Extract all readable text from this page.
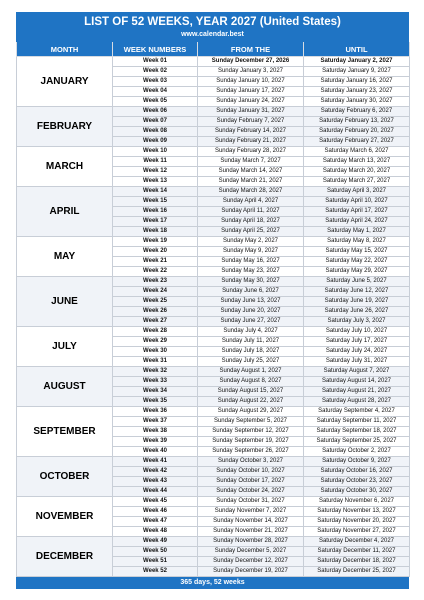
LIST OF 52 WEEKS, YEAR 2027 (United States)
www.calendar.best
MONTH	WEEK NUMBERS	FROM THE	UNTIL
JANUARY	Week 01	Sunday December 27, 2026	Saturday January 2, 2027
	Week 02	Sunday January 3, 2027	Saturday January 9, 2027
	Week 03	Sunday January 10, 2027	Saturday January 16, 2027
	Week 04	Sunday January 17, 2027	Saturday January 23, 2027
	Week 05	Sunday January 24, 2027	Saturday January 30, 2027
FEBRUARY	Week 06	Sunday January 31, 2027	Saturday February 6, 2027
	Week 07	Sunday February 7, 2027	Saturday February 13, 2027
	Week 08	Sunday February 14, 2027	Saturday February 20, 2027
	Week 09	Sunday February 21, 2027	Saturday February 27, 2027
MARCH	Week 10	Sunday February 28, 2027	Saturday March 6, 2027
	Week 11	Sunday March 7, 2027	Saturday March 13, 2027
	Week 12	Sunday March 14, 2027	Saturday March 20, 2027
	Week 13	Sunday March 21, 2027	Saturday March 27, 2027
APRIL	Week 14	Sunday March 28, 2027	Saturday April 3, 2027
	Week 15	Sunday April 4, 2027	Saturday April 10, 2027
	Week 16	Sunday April 11, 2027	Saturday April 17, 2027
	Week 17	Sunday April 18, 2027	Saturday April 24, 2027
	Week 18	Sunday April 25, 2027	Saturday May 1, 2027
MAY	Week 19	Sunday May 2, 2027	Saturday May 8, 2027
	Week 20	Sunday May 9, 2027	Saturday May 15, 2027
	Week 21	Sunday May 16, 2027	Saturday May 22, 2027
	Week 22	Sunday May 23, 2027	Saturday May 29, 2027
JUNE	Week 23	Sunday May 30, 2027	Saturday June 5, 2027
	Week 24	Sunday June 6, 2027	Saturday June 12, 2027
	Week 25	Sunday June 13, 2027	Saturday June 19, 2027
	Week 26	Sunday June 20, 2027	Saturday June 26, 2027
	Week 27	Sunday June 27, 2027	Saturday July 3, 2027
JULY	Week 28	Sunday July 4, 2027	Saturday July 10, 2027
	Week 29	Sunday July 11, 2027	Saturday July 17, 2027
	Week 30	Sunday July 18, 2027	Saturday July 24, 2027
	Week 31	Sunday July 25, 2027	Saturday July 31, 2027
AUGUST	Week 32	Sunday August 1, 2027	Saturday August 7, 2027
	Week 33	Sunday August 8, 2027	Saturday August 14, 2027
	Week 34	Sunday August 15, 2027	Saturday August 21, 2027
	Week 35	Sunday August 22, 2027	Saturday August 28, 2027
SEPTEMBER	Week 36	Sunday August 29, 2027	Saturday September 4, 2027
	Week 37	Sunday September 5, 2027	Saturday September 11, 2027
	Week 38	Sunday September 12, 2027	Saturday September 18, 2027
	Week 39	Sunday September 19, 2027	Saturday September 25, 2027
	Week 40	Sunday September 26, 2027	Saturday October 2, 2027
OCTOBER	Week 41	Sunday October 3, 2027	Saturday October 9, 2027
	Week 42	Sunday October 10, 2027	Saturday October 16, 2027
	Week 43	Sunday October 17, 2027	Saturday October 23, 2027
	Week 44	Sunday October 24, 2027	Saturday October 30, 2027
NOVEMBER	Week 45	Sunday October 31, 2027	Saturday November 6, 2027
	Week 46	Sunday November 7, 2027	Saturday November 13, 2027
	Week 47	Sunday November 14, 2027	Saturday November 20, 2027
	Week 48	Sunday November 21, 2027	Saturday November 27, 2027
DECEMBER	Week 49	Sunday November 28, 2027	Saturday December 4, 2027
	Week 50	Sunday December 5, 2027	Saturday December 11, 2027
	Week 51	Sunday December 12, 2027	Saturday December 18, 2027
	Week 52	Sunday December 19, 2027	Saturday December 25, 2027
365 days, 52 weeks
